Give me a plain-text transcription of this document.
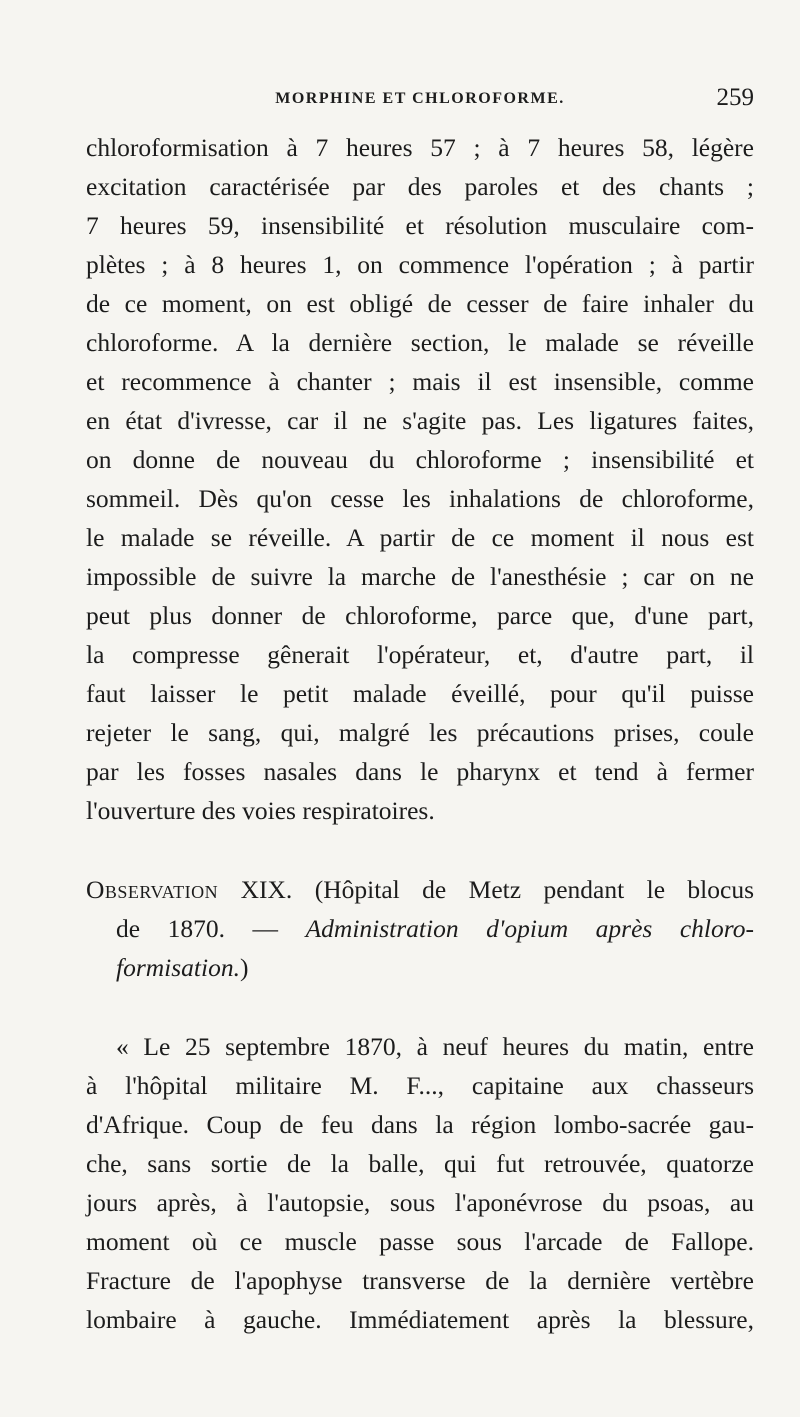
MORPHINE ET CHLOROFORME.	259
chloroformisation à 7 heures 57 ; à 7 heures 58, légère
excitation caractérisée par des paroles et des chants ;
7 heures 59, insensibilité et résolution musculaire com-
plètes ; à 8 heures 1, on commence l'opération ; à partir
de ce moment, on est obligé de cesser de faire inhaler du
chloroforme. A la dernière section, le malade se réveille
et recommence à chanter ; mais il est insensible, comme
en état d'ivresse, car il ne s'agite pas. Les ligatures faites,
on donne de nouveau du chloroforme ; insensibilité et
sommeil. Dès qu'on cesse les inhalations de chloroforme,
le malade se réveille. A partir de ce moment il nous est
impossible de suivre la marche de l'anesthésie ; car on ne
peut plus donner de chloroforme, parce que, d'une part,
la compresse gênerait l'opérateur, et, d'autre part, il
faut laisser le petit malade éveillé, pour qu'il puisse
rejeter le sang, qui, malgré les précautions prises, coule
par les fosses nasales dans le pharynx et tend à fermer
l'ouverture des voies respiratoires.
Observation XIX. (Hôpital de Metz pendant le blocus
de 1870. — Administration d'opium après chloro-
formisation.)
« Le 25 septembre 1870, à neuf heures du matin, entre
à l'hôpital militaire M. F..., capitaine aux chasseurs
d'Afrique. Coup de feu dans la région lombo-sacrée gau-
che, sans sortie de la balle, qui fut retrouvée, quatorze
jours après, à l'autopsie, sous l'aponévrose du psoas, au
moment où ce muscle passe sous l'arcade de Fallope.
Fracture de l'apophyse transverse de la dernière vertèbre
lombaire à gauche. Immédiatement après la blessure,
